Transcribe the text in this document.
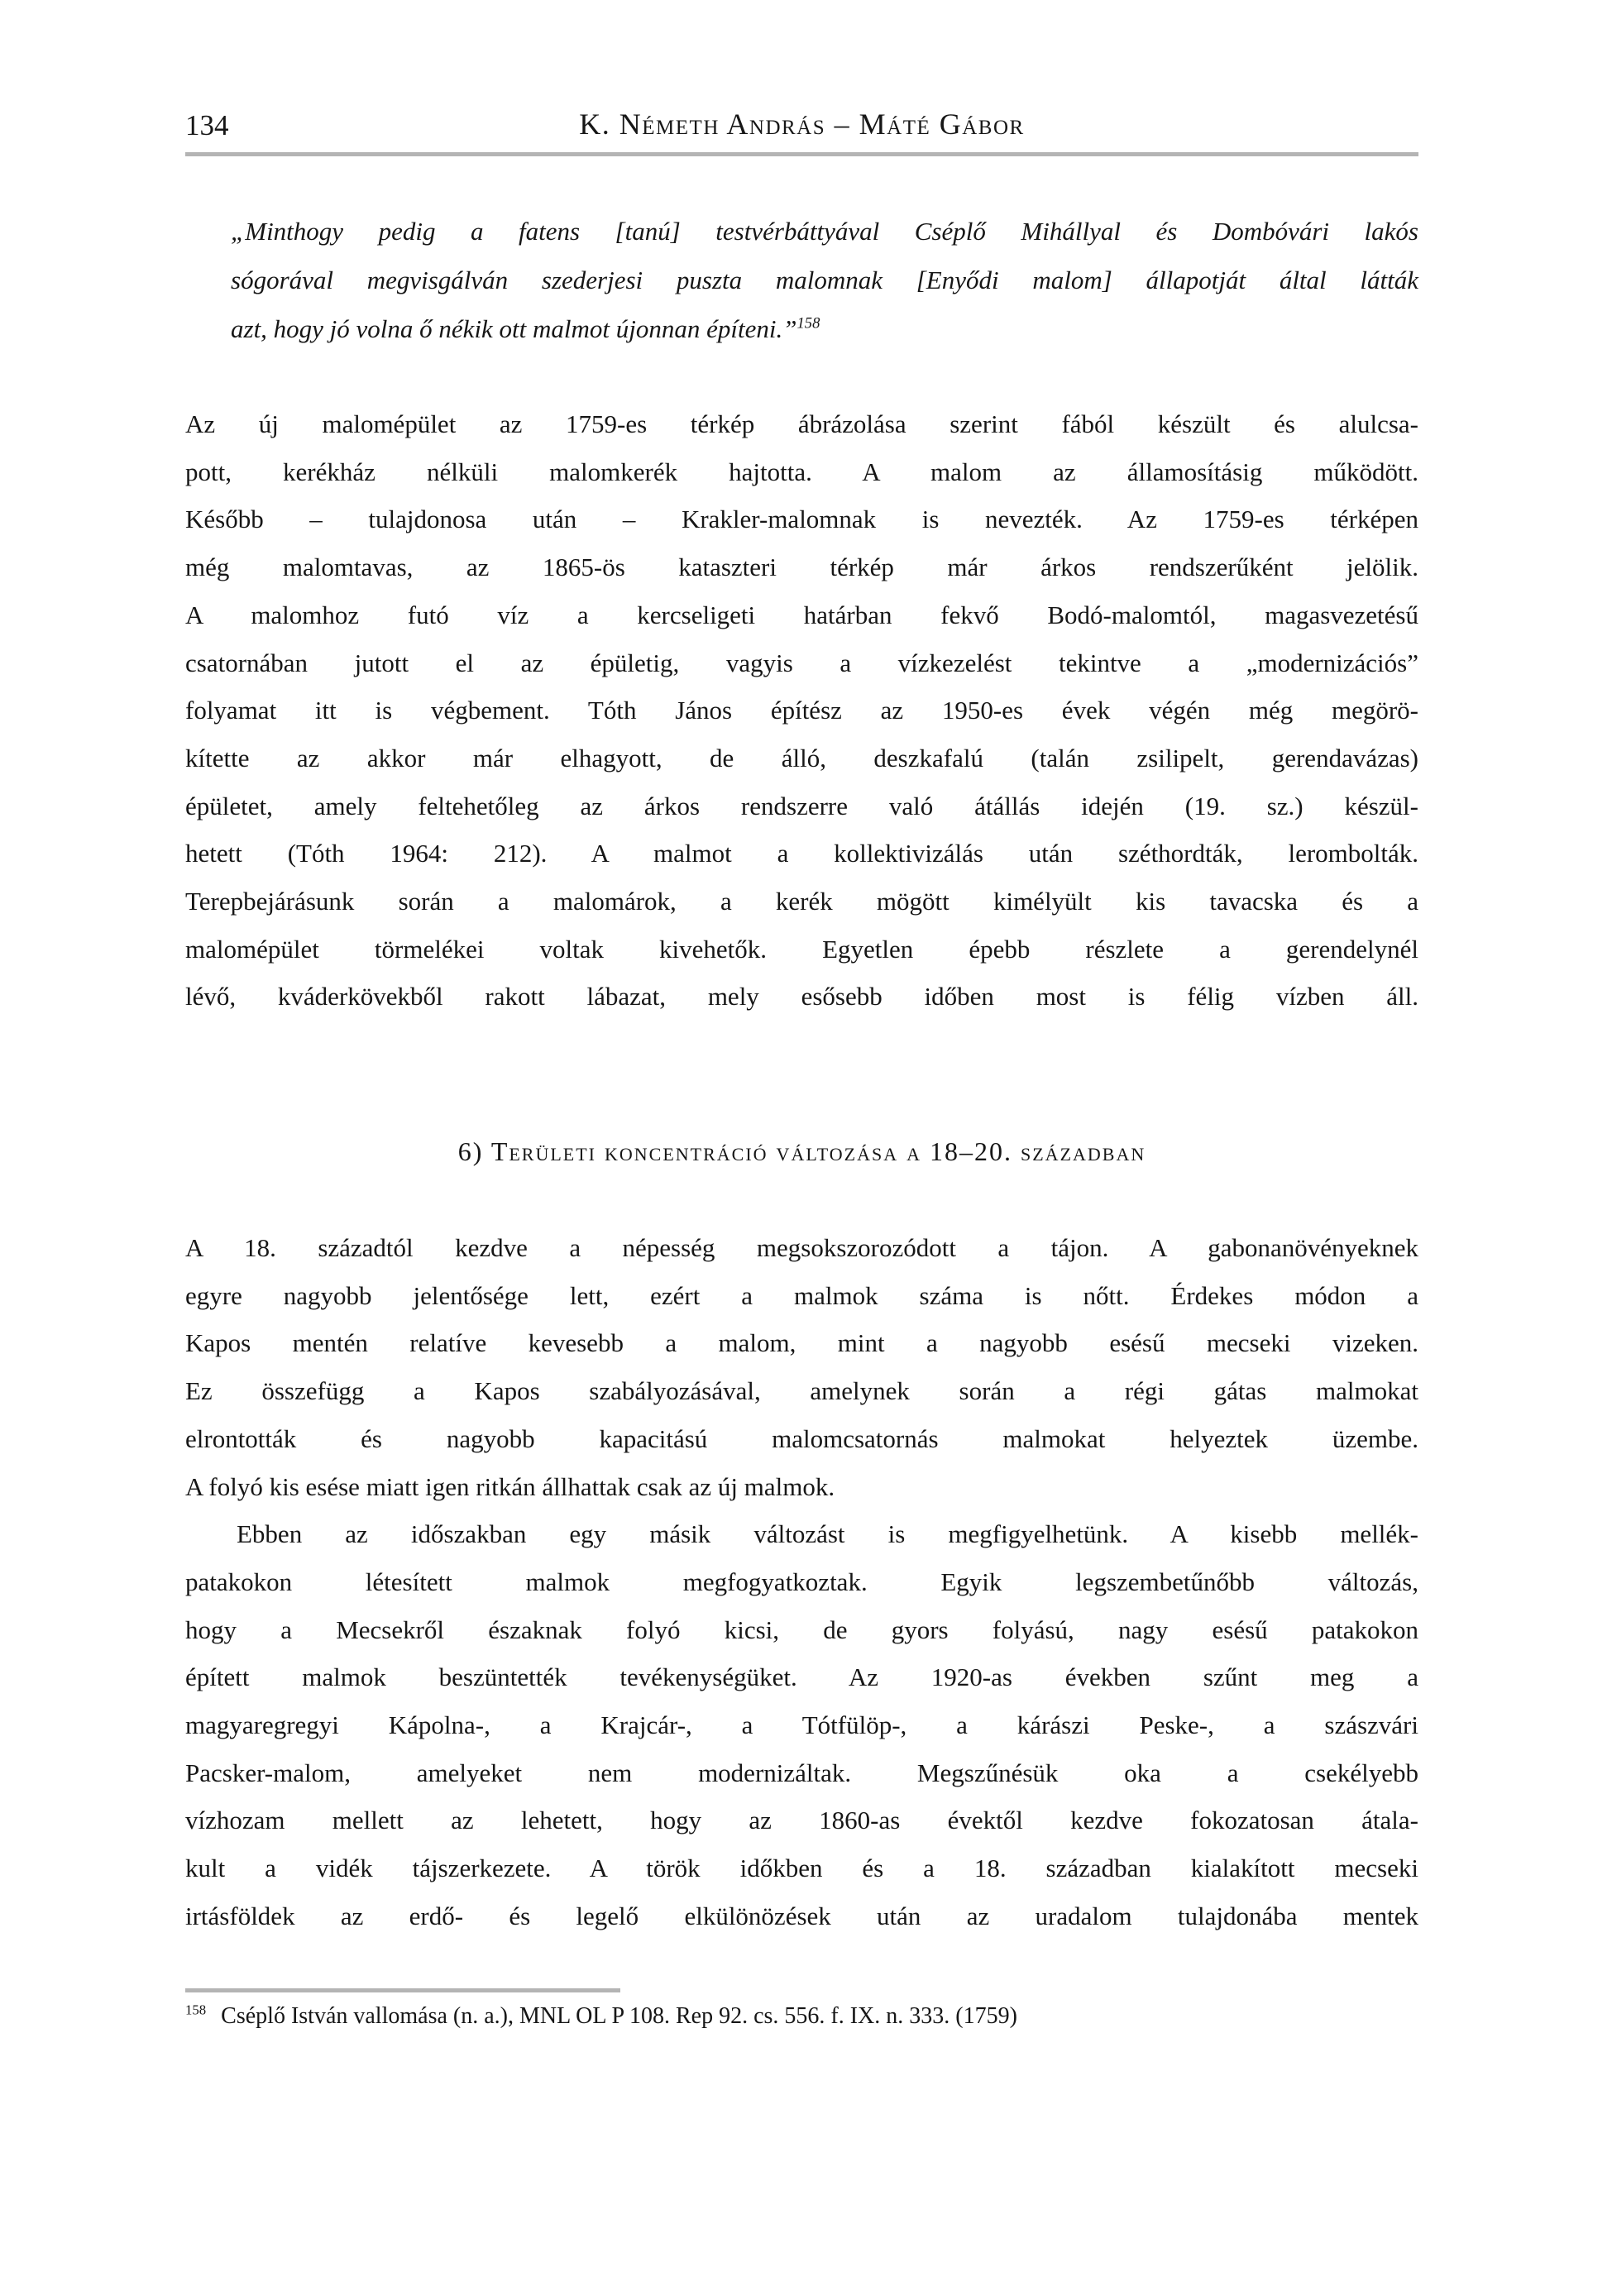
134	K. Németh András – Máté Gábor
„Minthogy pedig a fatens [tanú] testvérbáttyával Cséplő Mihállyal és Dombóvári lakós
sógorával megvisgálván szederjesi puszta malomnak [Enyődi malom] állapotját által látták
azt, hogy jó volna ő nékik ott malmot újonnan építeni.”$^{158}$
Az új malomépület az 1759-es térkép ábrázolása szerint fából készült és alulcsa-
pott, kerékház nélküli malomkerék hajtotta. A malom az államosításig működött.
Később – tulajdonosa után – Krakler-malomnak is nevezték. Az 1759-es térképen
még malomtavas, az 1865-ös kataszteri térkép már árkos rendszerűként jelölik.
A malomhoz futó víz a kercseligeti határban fekvő Bodó-malomtól, magasvezetésű
csatornában jutott el az épületig, vagyis a vízkezelést tekintve a „modernizációs”
folyamat itt is végbement. Tóth János építész az 1950-es évek végén még megörö-
kítette az akkor már elhagyott, de álló, deszkafalú (talán zsilipelt, gerendavázas)
épületet, amely feltehetőleg az árkos rendszerre való átállás idején (19. sz.) készül-
hetett (Tóth 1964: 212). A malmot a kollektivizálás után széthordták, lerombolták.
Terepbejárásunk során a malomárok, a kerék mögött kimélyült kis tavacska és a
malomépület törmelékei voltak kivehetők. Egyetlen épebb részlete a gerendelynél
lévő, kváderkövekből rakott lábazat, mely esősebb időben most is félig vízben áll.
6) Területi koncentráció változása a 18–20. században
A 18. századtól kezdve a népesség megsokszorozódott a tájon. A gabonanövényeknek
egyre nagyobb jelentősége lett, ezért a malmok száma is nőtt. Érdekes módon a
Kapos mentén relatíve kevesebb a malom, mint a nagyobb esésű mecseki vizeken.
Ez összefügg a Kapos szabályozásával, amelynek során a régi gátas malmokat
elrontották és nagyobb kapacitású malomcsatornás malmokat helyeztek üzembe.
A folyó kis esése miatt igen ritkán állhattak csak az új malmok.
Ebben az időszakban egy másik változást is megfigyelhetünk. A kisebb mellék-
patakokon létesített malmok megfogyatkoztak. Egyik legszembetűnőbb változás,
hogy a Mecsekről északnak folyó kicsi, de gyors folyású, nagy esésű patakokon
épített malmok beszüntették tevékenységüket. Az 1920-as években szűnt meg a
magyaregregyi Kápolna-, a Krajcár-, a Tótfülöp-, a kárászi Peske-, a szászvári
Pacsker-malom, amelyeket nem modernizáltak. Megszűnésük oka a csekélyebb
vízhozam mellett az lehetett, hogy az 1860-as évektől kezdve fokozatosan átala-
kult a vidék tájszerkezete. A török időkben és a 18. században kialakított mecseki
irtásföldek az erdő- és legelő elkülönözések után az uradalom tulajdonába mentek
$^{158}$ Cséplő István vallomása (n. a.), MNL OL P 108. Rep 92. cs. 556. f. IX. n. 333. (1759)
